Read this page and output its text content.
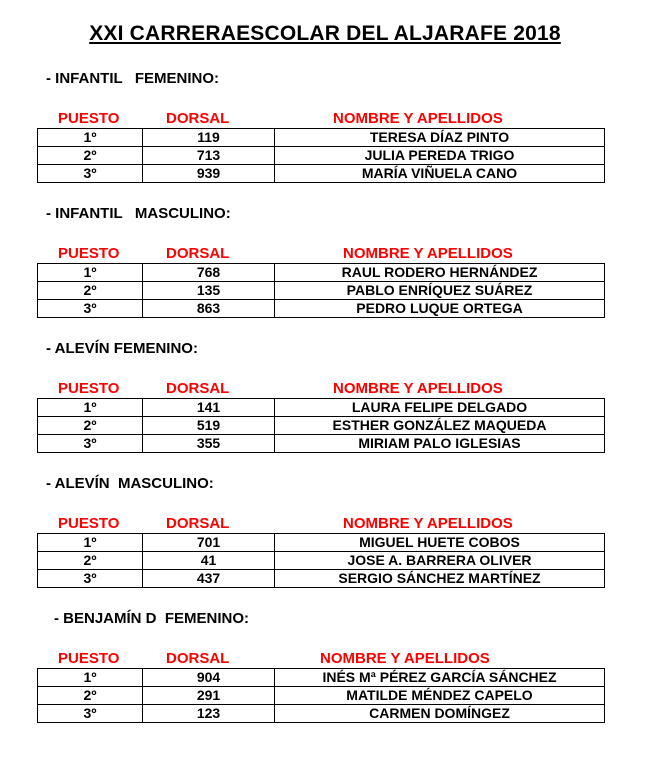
XXI CARRERAESCOLAR DEL ALJARAFE 2018
- INFANTIL   FEMENINO:
PUESTO	DORSAL	NOMBRE Y APELLIDOS
1º	119	TERESA DÍAZ PINTO
2º	713	JULIA PEREDA TRIGO
3º	939	MARÍA VIÑUELA CANO
- INFANTIL   MASCULINO:
PUESTO	DORSAL	NOMBRE Y APELLIDOS
1º	768	RAUL RODERO HERNÁNDEZ
2º	135	PABLO ENRÍQUEZ SUÁREZ
3º	863	PEDRO LUQUE ORTEGA
- ALEVÍN FEMENINO:
PUESTO	DORSAL	NOMBRE Y APELLIDOS
1º	141	LAURA FELIPE DELGADO
2º	519	ESTHER GONZÁLEZ MAQUEDA
3º	355	MIRIAM PALO IGLESIAS
- ALEVÍN  MASCULINO:
PUESTO	DORSAL	NOMBRE Y APELLIDOS
1º	701	MIGUEL HUETE COBOS
2º	41	JOSE A. BARRERA OLIVER
3º	437	SERGIO SÁNCHEZ MARTÍNEZ
- BENJAMÍN D  FEMENINO:
PUESTO	DORSAL	NOMBRE Y APELLIDOS
1º	904	INÉS Mª PÉREZ GARCÍA SÁNCHEZ
2º	291	MATILDE MÉNDEZ CAPELO
3º	123	CARMEN DOMÍNGEZ
